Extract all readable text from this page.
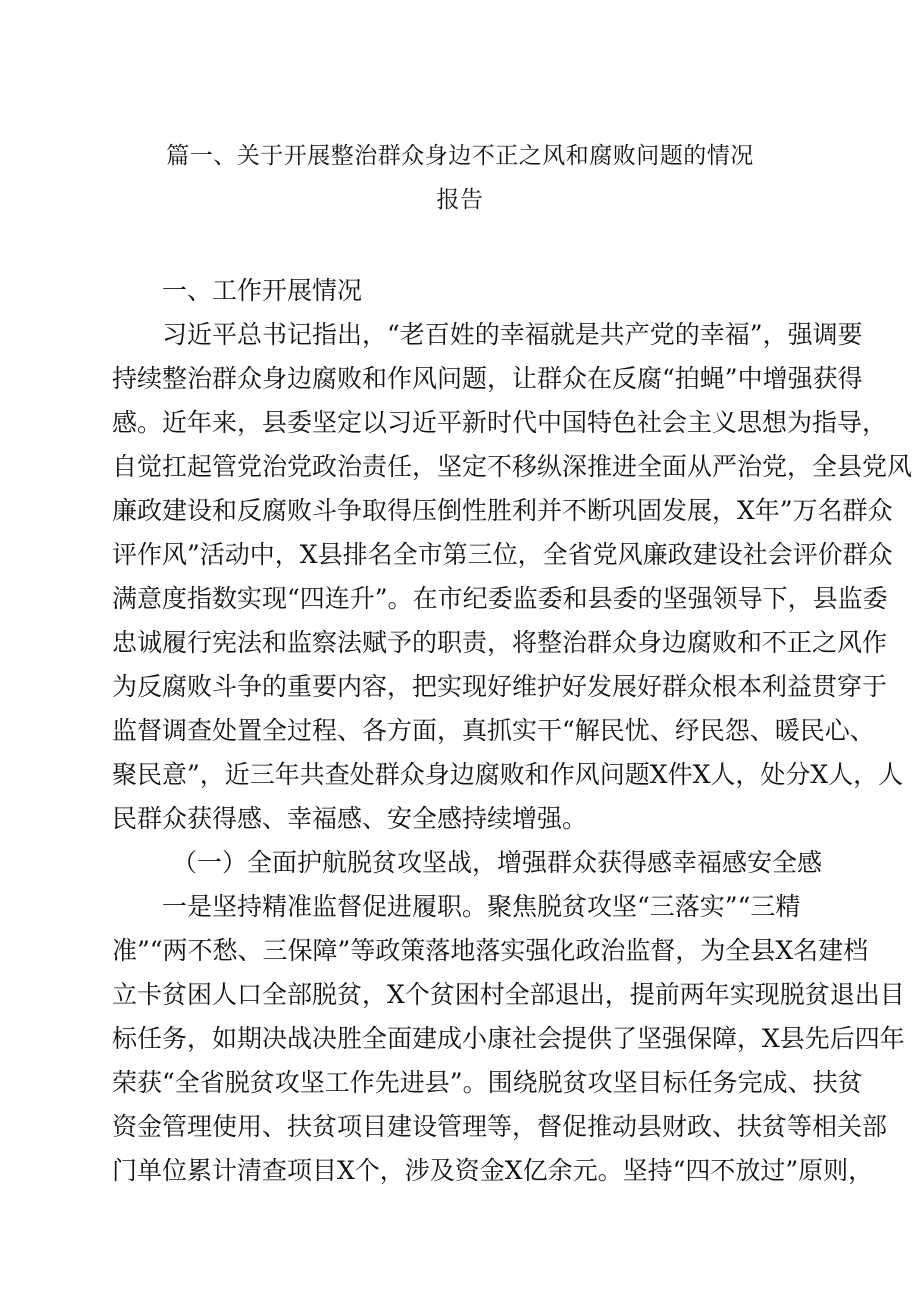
篇一、关于开展整治群众身边不正之风和腐败问题的情况
报告
一、工作开展情况
习近平总书记指出，“老百姓的幸福就是共产党的幸福”，强调要
持续整治群众身边腐败和作风问题，让群众在反腐“拍蝇”中增强获得
感。近年来，县委坚定以习近平新时代中国特色社会主义思想为指导，
自觉扛起管党治党政治责任，坚定不移纵深推进全面从严治党，全县党风
廉政建设和反腐败斗争取得压倒性胜利并不断巩固发展，X年”万名群众
评作风”活动中，X县排名全市第三位，全省党风廉政建设社会评价群众
满意度指数实现“四连升”。在市纪委监委和县委的坚强领导下，县监委
忠诚履行宪法和监察法赋予的职责，将整治群众身边腐败和不正之风作
为反腐败斗争的重要内容，把实现好维护好发展好群众根本利益贯穿于
监督调查处置全过程、各方面，真抓实干“解民忧、纾民怨、暖民心、
聚民意”，近三年共查处群众身边腐败和作风问题X件X人，处分X人，人
民群众获得感、幸福感、安全感持续增强。
（一）全面护航脱贫攻坚战，增强群众获得感幸福感安全感
一是坚持精准监督促进履职。聚焦脱贫攻坚“三落实”“三精
准”“两不愁、三保障”等政策落地落实强化政治监督，为全县X名建档
立卡贫困人口全部脱贫，X个贫困村全部退出，提前两年实现脱贫退出目
标任务，如期决战决胜全面建成小康社会提供了坚强保障，X县先后四年
荣获“全省脱贫攻坚工作先进县”。围绕脱贫攻坚目标任务完成、扶贫
资金管理使用、扶贫项目建设管理等，督促推动县财政、扶贫等相关部
门单位累计清查项目X个，涉及资金X亿余元。坚持“四不放过”原则，
